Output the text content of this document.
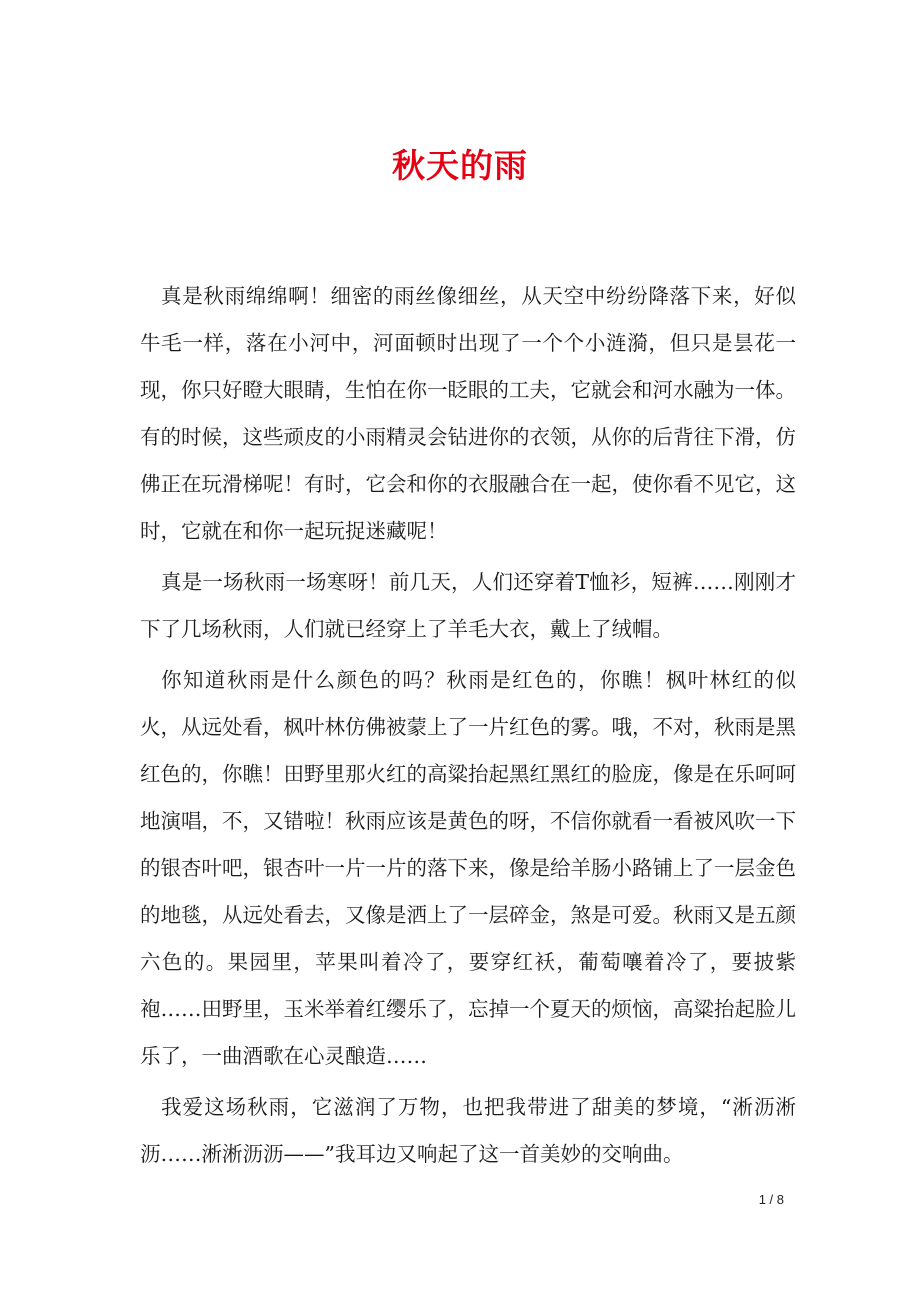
秋天的雨

真是秋雨绵绵啊！细密的雨丝像细丝，从天空中纷纷降落下来，好似牛毛一样，落在小河中，河面顿时出现了一个个小涟漪，但只是昙花一现，你只好瞪大眼睛，生怕在你一眨眼的工夫，它就会和河水融为一体。有的时候，这些顽皮的小雨精灵会钻进你的衣领，从你的后背往下滑，仿佛正在玩滑梯呢！有时，它会和你的衣服融合在一起，使你看不见它，这时，它就在和你一起玩捉迷藏呢！

真是一场秋雨一场寒呀！前几天，人们还穿着T恤衫，短裤……刚刚才下了几场秋雨，人们就已经穿上了羊毛大衣，戴上了绒帽。

你知道秋雨是什么颜色的吗？秋雨是红色的，你瞧！枫叶林红的似火，从远处看，枫叶林仿佛被蒙上了一片红色的雾。哦，不对，秋雨是黑红色的，你瞧！田野里那火红的高粱抬起黑红黑红的脸庞，像是在乐呵呵地演唱，不，又错啦！秋雨应该是黄色的呀，不信你就看一看被风吹一下的银杏叶吧，银杏叶一片一片的落下来，像是给羊肠小路铺上了一层金色的地毯，从远处看去，又像是洒上了一层碎金，煞是可爱。秋雨又是五颜六色的。果园里，苹果叫着冷了，要穿红袄，葡萄嚷着冷了，要披紫袍……田野里，玉米举着红缨乐了，忘掉一个夏天的烦恼，高粱抬起脸儿乐了，一曲酒歌在心灵酿造……

我爱这场秋雨，它滋润了万物，也把我带进了甜美的梦境，“淅沥淅沥……淅淅沥沥——”我耳边又响起了这一首美妙的交响曲。

1 / 8
